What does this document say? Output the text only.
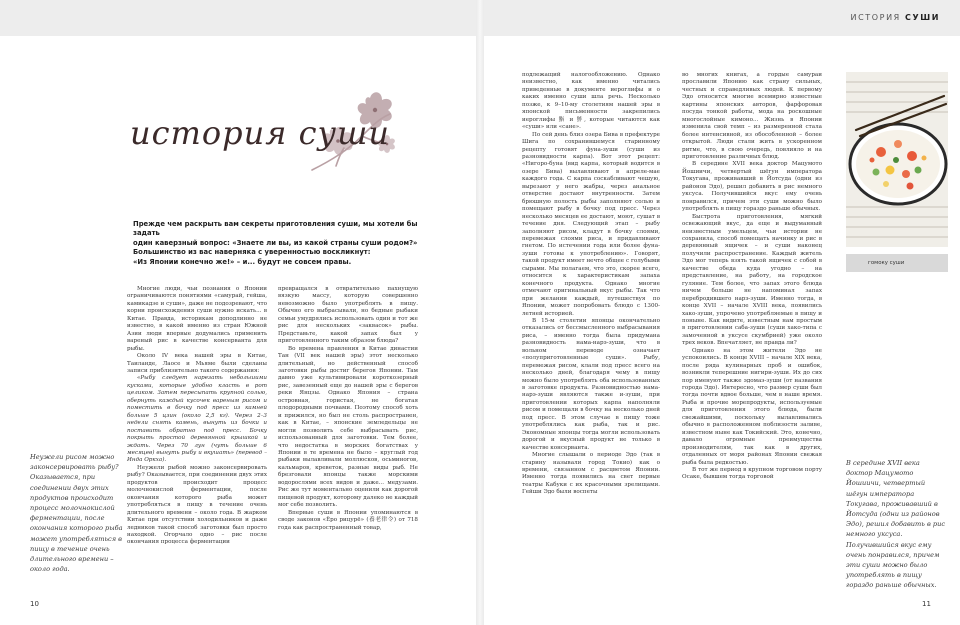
ИСТОРИЯ СУШИ
история суши

Прежде чем раскрыть вам секреты приготовления суши, мы хотели бы задать

один каверзный вопрос: «Знаете ли вы, из какой страны суши родом?»

Большинство из вас наверняка с уверенностью воскликнут:

«Из Японии конечно же!» – и... будут не совсем правы.

Неужели рисом можно законсервировать рыбу? Оказывается, при соединении двух этих продуктов происходит процесс молочнокислой ферментации, после окончания которого рыба может употребляться в пищу в течение очень длительного времени – около года.

Многие люди, чьи познания о Японии ограничиваются понятиями «самурай, гейша, камикадзе и суши», даже не подозревают, что корни происхождения суши нужно искать... в Китае. Правда, историкам доподлинно не известно, в какой именно из стран Южной Азии люди впервые додумались применить вареный рис в качестве консерванта для рыбы.

Около IV века нашей эры в Китае, Таиланде, Лаосе и Мьяме были сделаны записи приблизительно такого содержания:

«Рыбу следует нарезать небольшими кусками, которые удобно класть в рот целиком. Затем пересыпать крупной солью, обернуть каждый кусочек вареным рисом и поместить в бочку под пресс из камней больше 5 цзин (около 2,5 кг). Через 2–3 недели снять камень, вынуть из бочки и поставить обратно под пресс. Бочку покрыть простой деревянной крышкой и ждать. Через 70 лун (чуть больше 6 месяцев) вынуть рыбу и вкушать» (перевод – Инда Оркха).

Неужели рыбой можно законсервировать рыбу? Оказывается, при соединении двух этих продуктов происходит процесс молочнокислой ферментации, после окончания которого рыба может употребляться в пищу в течение очень длительного времени – около года. В жарком Китае при отсутствии холодильников и даже ледников такой способ заготовки был просто находкой. Огорчало одно – рис после окончания процесса ферментации

превращался в отвратительно пахнущую вязкую массу, которую совершенно невозможно было употреблять в пищу. Обычно его выбрасывали, но бедные рыбаки семьи умудрялись использовать один и тот же рис для нескольких «закваcок» рыбы. Представьте, какой запах был у приготовленного таким образом блюда?

Во времена правления в Китае династии Тан (VII век нашей эры) этот несколько длительный, но действенный способ заготовки рыбы достиг берегов Японии. Там давно уже культивировали короткозерный рис, завезенный еще до нашей эры с берегов реки Янцзы. Однако Япония – страна островная, гористая, не богатая плодородными почвами. Поэтому способ хоть и прижился, но был не столь распространен, как в Китае, – японские земледельцы не могли позволить себе выбрасывать рис, использованный для заготовки. Тем более, что недостатка в морских богатствах у Японии в те времена не было – круглый год рыбаки вылавливали моллюсков, осьминогов, кальмаров, креветок, разные виды рыб. Не брезговали японцы также морскими водорослями всех видов и даже... медузами. Рис же тут моментально оценили как дорогой пищевой продукт, которому далеко не каждый мог себе позволить.

Впервые суши в Японии упоминаются в своде законов «Ёро рицурё» (養老律令) от 718 года как распространенный товар,

подлежащий налогообложению. Однако неизвестно, как именно читались приведенные в документе иероглифы и о каких именно суши шла речь. Несколько позже, к 9–10-му столетиям нашей эры в японской письменности закрепились иероглифы 鮨 и 鮓, которые читаются как «суши» или «сане».

По сей день близ озера Бива в префектуре Шига по сохранившемуся старинному рецепту готовят фуна-зуши (суши из разновидности карпа). Вот этот рецепт: «Нигоро-буна (вид карпа, который водится в озере Бива) вылавливают в апреле-мае каждого года. С карпа соскабливают чешую, вырезают у него жабры, через анальное отверстие достают внутренности. Затем брюшную полость рыбы заполняют солью и помещают рыбу в бочку под пресс. Через несколько месяцев ее достают, моют, сушат в течение дня. Следующий этап – рыбу заполняют рисом, кладут в бочку слоями, перемежая слоями риса, и придавливают гнетом. По истечении года или более фуна-зуши готовы к употреблению». Говорят, такой продукт имеет нечто общее с голубыми сырами. Мы полагаем, что это, скорее всего, относится к характеристикам запаха конечного продукта. Однако многие отмечают оригинальный вкус рыбы. Так что при желании каждый, путешествуя по Японии, может попробовать блюдо с 1300-летней историей.

В 15-м столетии японцы окончательно отказались от бессмысленного выбрасывания риса, – именно тогда была придумана разновидность нама-нарэ-зуши, что в вольном переводе означает «полуприготовленные суши». Рыбу, перемежая рисом, клали под пресс всего на несколько дней, благодаря чему в пищу можно было употреблять оба использованных в заготовке продукта. Разновидностью нама-нарэ-зуши являются также и-зуши, при приготовлении которых карпа наполняли рисом и помещали в бочку на несколько дней под пресс. В этом случае в пищу тоже употреблялись как рыба, так и рис. Экономные японцы тогда могли использовать дорогой и вкусный продукт не только в качестве консерванта.

Многие слышали о периоде Эдо (так в старину называли город Токио) как о времени, связанном с расцветом Японии. Именно тогда появились на свет первые театры Кабуки с их красочными зрелищами. Гейши Эдо были воспеты

во многих книгах, а гордые самураи прославили Японию как страну сильных, честных и справедливых людей. К первому Эдо относится многие всемирно известные картины японских авторов, фарфоровая посуда тонкой работы, мода на роскошные многослойные кимоно... Жизнь в Японии изменила свой темп – из размеренной стала более интенсивной, из обособленной – более открытой. Люди стали жить в ускоренном ритме, что, в свою очередь, повлияло и на приготовление различных блюд.

В середине XVII века доктор Мацумото Йошиичи, четвертый шёгун императора Токугава, проживавший в Йотсуда (одни из районов Эдо), решил добавить в рис немного уксуса. Получившийся вкус ему очень понравился, причем эти суши можно было употреблять в пищу гораздо раньше обычных.

Быстрота приготовления, мягкий освежающий вкус, да еще и выдуманный неизвестным умельцем, чьи истории не сохранила, способ помещать начинку и рис в деревянный ящичек – и суши наконец получили распространение. Каждый житель Эдо мог теперь взять такой ящичек с собой в качестве обеда куда угодно – на представление, на работу, на городское гуляние. Тем более, что запах этого блюда ничем больше не напоминал запах перебродившего нарэ-зуши. Именно тогда, в конце XVII – начале XVIII века, появились хако-зуши, упрочено употребляемые в пищу и поныне. Как видите, известным нам простым в приготовлении саба-зуши (суши хако-типа с замоченной в уксусе скумбрией) уже около трех веков. Впечатляет, не правда ли?

Однако на этом жители Эдо не успокоились. В конце XVIII – начале XIX века, после ряда кулинарных проб и ошибок, возникли теперешние нигири-зуши. Их до сих пор именуют также эдомаэ-зуши (от названия города Эдо). Интересно, что размер суши был тогда почти вдвое больше, чем в наше время. Рыба и прочие морепродукты, используемые для приготовления этого блюда, были свежайшими, поскольку вылавливались обычно в расположенном поблизости заливе, известном ныне как Токийский. Это, конечно, давало огромные преимущества производителям, так как в других, отдаленных от моря районах Японии свежая рыба была редкостью.

В тот же период в крупном торговом порту Осаке, бывшем тогда торговой

гомоку суши
В середине XVII века доктор Мацумото Йошиичи, четвертый шёгун императора Токугава, проживавший в Йотсуда (одни из районов Эдо), решил добавить в рис немного уксуса. Получившийся вкус ему очень понравился, причем эти суши можно было употреблять в пищу гораздо раньше обычных.
10	11
